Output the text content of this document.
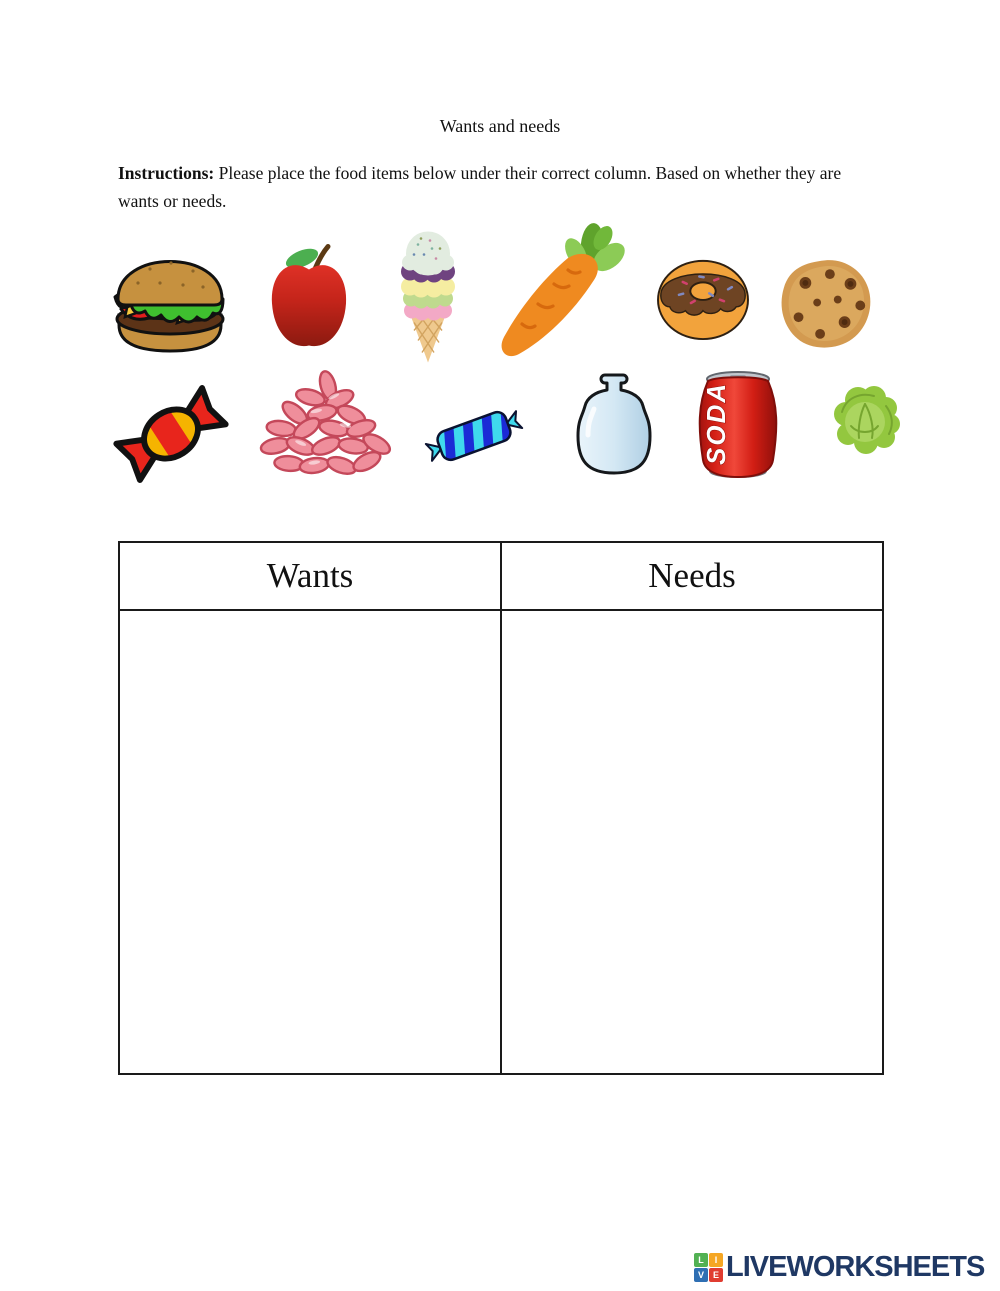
Wants and needs
Instructions: Please place the food items below under their correct column. Based on whether they are wants or needs.
SODA
Wants	Needs
L	I
V E LIVEWORKSHEETS
